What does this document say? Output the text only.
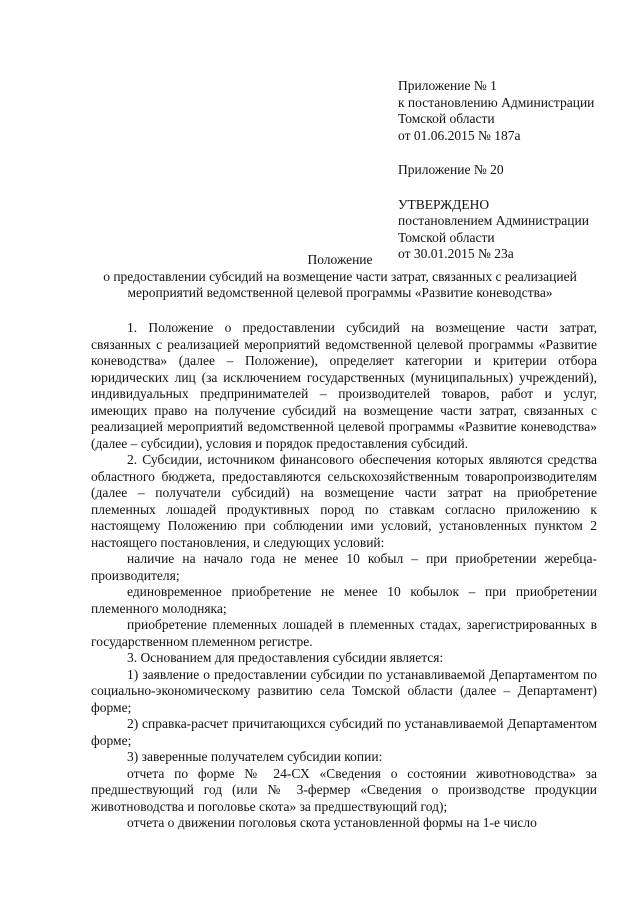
Приложение № 1
к постановлению Администрации
Томской области
от 01.06.2015 № 187а
Приложение № 20
УТВЕРЖДЕНО
постановлением Администрации
Томской области
от 30.01.2015 № 23а
Положение
о предоставлении субсидий на возмещение части затрат, связанных с реализацией
мероприятий ведомственной целевой программы «Развитие коневодства»

1. Положение о предоставлении субсидий на возмещение части затрат, связанных с реализацией мероприятий ведомственной целевой программы «Развитие коневодства» (далее – Положение), определяет категории и критерии отбора юридических лиц (за исключением государственных (муниципальных) учреждений), индивидуальных предпринимателей – производителей товаров, работ и услуг, имеющих право на получение субсидий на возмещение части затрат, связанных с реализацией мероприятий ведомственной целевой программы «Развитие коневодства» (далее – субсидии), условия и порядок предоставления субсидий.

2. Субсидии, источником финансового обеспечения которых являются средства областного бюджета, предоставляются сельскохозяйственным товаропроизводителям (далее – получатели субсидий) на возмещение части затрат на приобретение племенных лошадей продуктивных пород по ставкам согласно приложению к настоящему Положению при соблюдении ими условий, установленных пунктом 2 настоящего постановления, и следующих условий:

наличие на начало года не менее 10 кобыл – при приобретении жеребца-производителя;

единовременное приобретение не менее 10 кобылок – при приобретении племенного молодняка;

приобретение племенных лошадей в племенных стадах, зарегистрированных в государственном племенном регистре.

3. Основанием для предоставления субсидии является:

1) заявление о предоставлении субсидии по устанавливаемой Департаментом по социально-экономическому развитию села Томской области (далее – Департамент) форме;

2) справка-расчет причитающихся субсидий по устанавливаемой Департаментом форме;

3) заверенные получателем субсидии копии:

отчета по форме № 24-СХ «Сведения о состоянии животноводства» за предшествующий год (или № 3-фермер «Сведения о производстве продукции животноводства и поголовье скота» за предшествующий год);

отчета о движении поголовья скота установленной формы на 1-е число
